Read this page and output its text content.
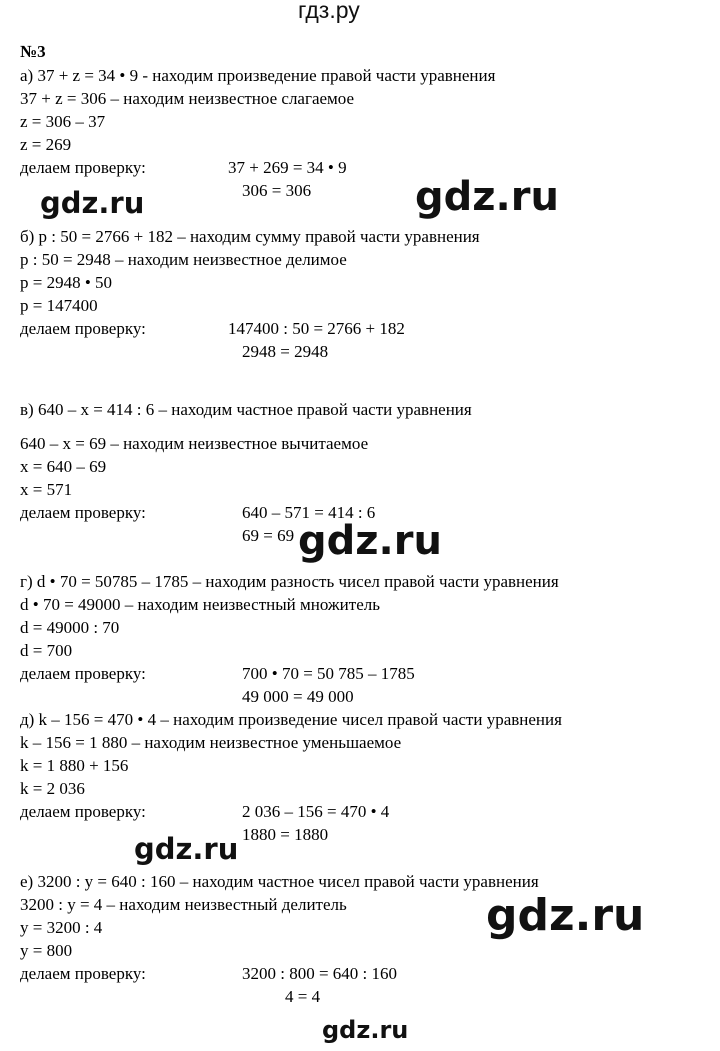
гдз.ру
№3
а) 37 + z = 34 • 9 - находим произведение правой части уравнения
37 + z = 306 – находим неизвестное слагаемое
z = 306 – 37
z = 269
делаем проверку:	37 + 269 = 34 • 9
306 = 306
gdz.ru	gdz.ru
б) p : 50 = 2766 + 182 – находим сумму правой части уравнения
p : 50 = 2948 – находим неизвестное делимое
p = 2948 • 50
p = 147400
делаем проверку:	147400 : 50 = 2766 + 182
2948 = 2948
в) 640 – x = 414 : 6 – находим частное правой части уравнения
640 – x = 69 – находим неизвестное вычитаемое
x = 640 – 69
x = 571
делаем проверку:	640 – 571 = 414 : 6
69 = 69 gdz.ru
г) d • 70 = 50785 – 1785 – находим разность чисел правой части уравнения
d • 70 = 49000 – находим неизвестный множитель
d = 49000 : 70
d = 700
делаем проверку:	700 • 70 = 50 785 – 1785
49 000 = 49 000
д) k – 156 = 470 • 4 – находим произведение чисел правой части уравнения
k – 156 = 1 880 – находим неизвестное уменьшаемое
k = 1 880 + 156
k = 2 036
делаем проверку:	2 036 – 156 = 470 • 4
1880 = 1880
gdz.ru
е) 3200 : y = 640 : 160 – находим частное чисел правой части уравнения
3200 : y = 4 – находим неизвестный делитель
y = 3200 : 4
y = 800
делаем проверку:	3200 : 800 = 640 : 160
4 = 4
gdz.ru
gdz.ru
